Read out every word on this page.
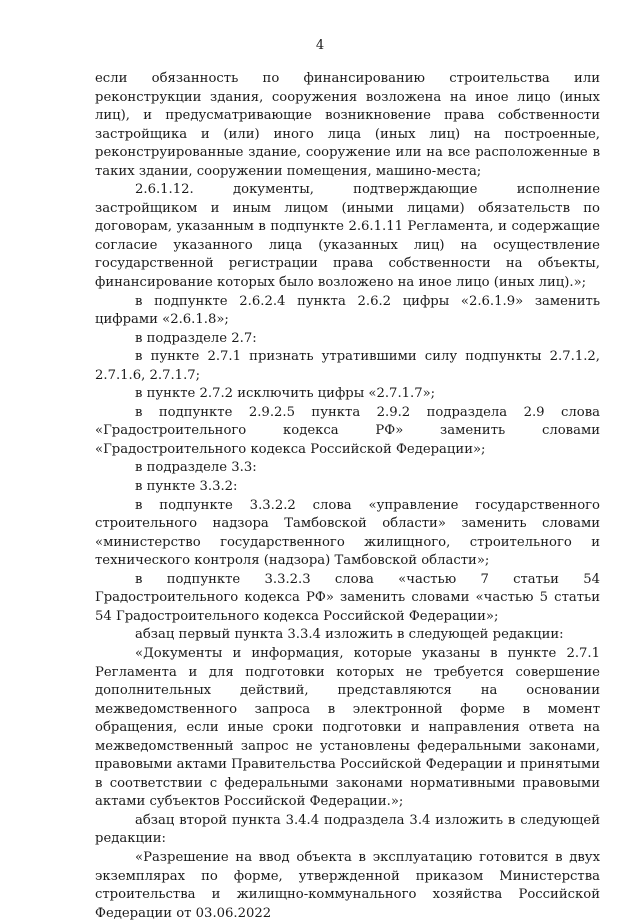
4

если обязанность по финансированию строительства или реконструкции здания, сооружения возложена на иное лицо (иных лиц), и предусматривающие возникновение права собственности застройщика и (или) иного лица (иных лиц) на построенные, реконструированные здание, сооружение или на все расположенные в таких здании, сооружении помещения, машино-места;

2.6.1.12. документы, подтверждающие исполнение застройщиком и иным лицом (иными лицами) обязательств по договорам, указанным в подпункте 2.6.1.11 Регламента, и содержащие согласие указанного лица (указанных лиц) на осуществление государственной регистрации права собственности на объекты, финансирование которых было возложено на иное лицо (иных лиц).»;

в подпункте 2.6.2.4 пункта 2.6.2 цифры «2.6.1.9» заменить цифрами «2.6.1.8»;

в подразделе 2.7:

в пункте 2.7.1 признать утратившими силу подпункты 2.7.1.2, 2.7.1.6, 2.7.1.7;

в пункте 2.7.2 исключить цифры «2.7.1.7»;

в подпункте 2.9.2.5 пункта 2.9.2 подраздела 2.9 слова «Градостроительного кодекса РФ» заменить словами «Градостроительного кодекса Российской Федерации»;

в подразделе 3.3:

в пункте 3.3.2:

в подпункте 3.3.2.2 слова «управление государственного строительного надзора Тамбовской области» заменить словами «министерство государственного жилищного, строительного и технического контроля (надзора) Тамбовской области»;

в подпункте 3.3.2.3 слова «частью 7 статьи 54 Градостроительного кодекса РФ» заменить словами «частью 5 статьи 54 Градостроительного кодекса Российской Федерации»;

абзац первый пункта 3.3.4 изложить в следующей редакции:

«Документы и информация, которые указаны в пункте 2.7.1 Регламента и для подготовки которых не требуется совершение дополнительных действий, представляются на основании межведомственного запроса в электронной форме в момент обращения, если иные сроки подготовки и направления ответа на межведомственный запрос не установлены федеральными законами, правовыми актами Правительства Российской Федерации и принятыми в соответствии с федеральными законами нормативными правовыми актами субъектов Российской Федерации.»;

абзац второй пункта 3.4.4 подраздела 3.4 изложить в следующей редакции:

«Разрешение на ввод объекта в эксплуатацию готовится в двух экземплярах по форме, утвержденной приказом Министерства строительства и жилищно-коммунального хозяйства Российской Федерации от 03.06.2022
